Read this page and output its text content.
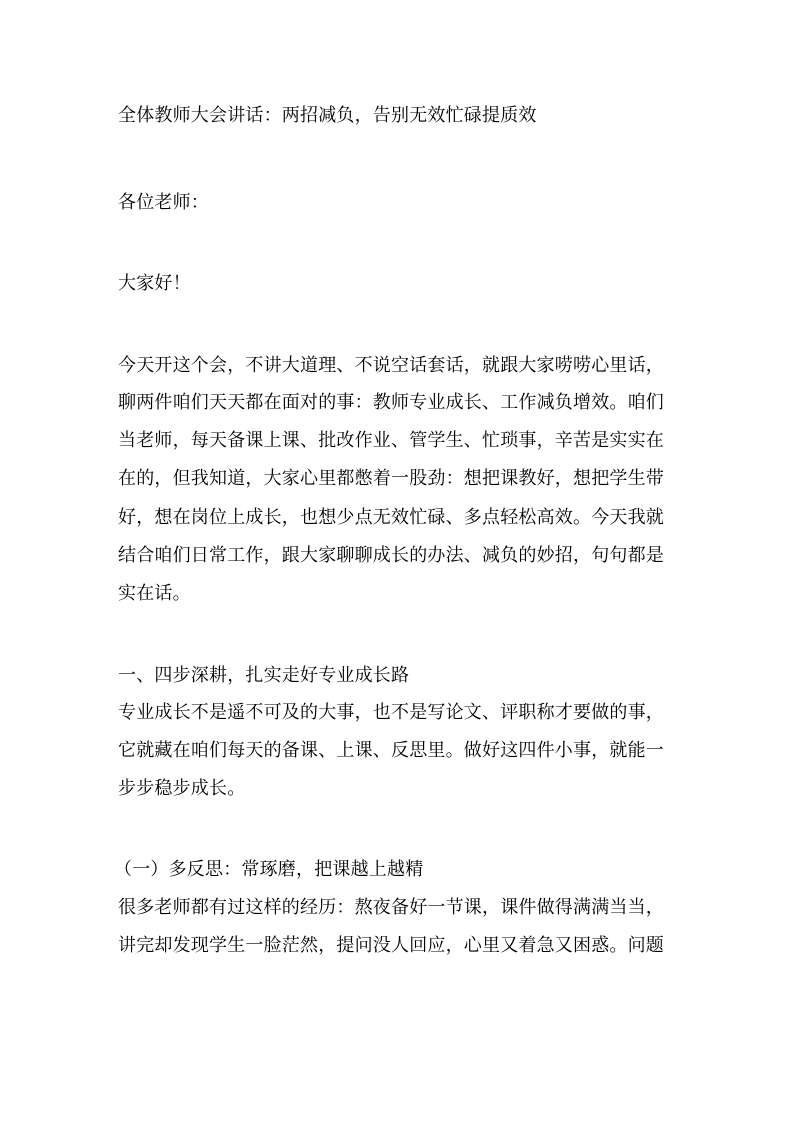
全体教师大会讲话：两招减负，告别无效忙碌提质效
各位老师：
大家好！
今天开这个会，不讲大道理、不说空话套话，就跟大家唠唠心里话，
聊两件咱们天天都在面对的事：教师专业成长、工作减负增效。咱们
当老师，每天备课上课、批改作业、管学生、忙琐事，辛苦是实实在
在的，但我知道，大家心里都憋着一股劲：想把课教好，想把学生带
好，想在岗位上成长，也想少点无效忙碌、多点轻松高效。今天我就
结合咱们日常工作，跟大家聊聊成长的办法、减负的妙招，句句都是
实在话。
一、四步深耕，扎实走好专业成长路
专业成长不是遥不可及的大事，也不是写论文、评职称才要做的事，
它就藏在咱们每天的备课、上课、反思里。做好这四件小事，就能一
步步稳步成长。
（一）多反思：常琢磨，把课越上越精
很多老师都有过这样的经历：熬夜备好一节课，课件做得满满当当，
讲完却发现学生一脸茫然，提问没人回应，心里又着急又困惑。问题
